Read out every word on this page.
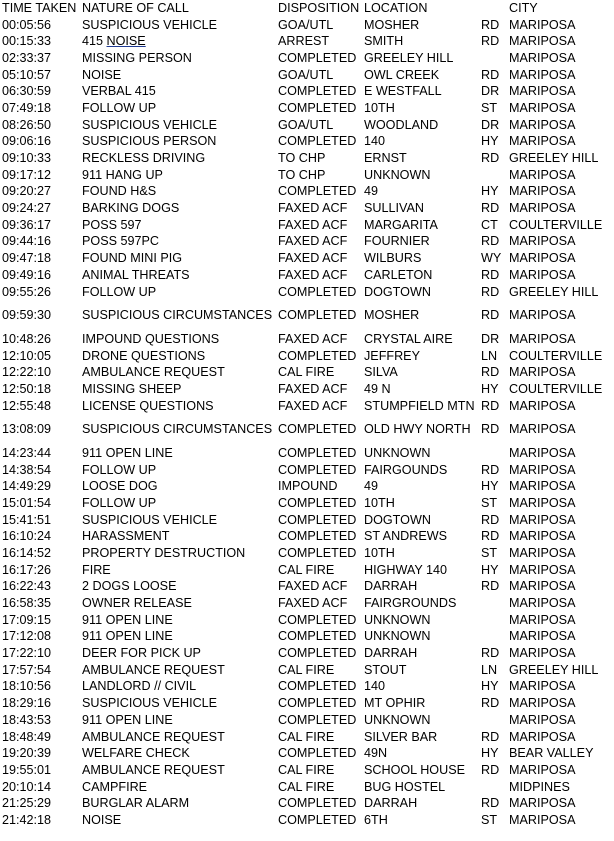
TIME TAKEN	NATURE OF CALL	DISPOSITION	LOCATION		CITY
00:05:56	SUSPICIOUS VEHICLE	GOA/UTL	MOSHER	RD	MARIPOSA
00:15:33	415 NOISE	ARREST	SMITH	RD	MARIPOSA
02:33:37	MISSING PERSON	COMPLETED	GREELEY HILL		MARIPOSA
05:10:57	NOISE	GOA/UTL	OWL CREEK	RD	MARIPOSA
06:30:59	VERBAL 415	COMPLETED	E WESTFALL	DR	MARIPOSA
07:49:18	FOLLOW UP	COMPLETED	10TH	ST	MARIPOSA
08:26:50	SUSPICIOUS VEHICLE	GOA/UTL	WOODLAND	DR	MARIPOSA
09:06:16	SUSPICIOUS PERSON	COMPLETED	140	HY	MARIPOSA
09:10:33	RECKLESS DRIVING	TO CHP	ERNST	RD	GREELEY HILL
09:17:12	911 HANG UP	TO CHP	UNKNOWN		MARIPOSA
09:20:27	FOUND H&S	COMPLETED	49	HY	MARIPOSA
09:24:27	BARKING DOGS	FAXED ACF	SULLIVAN	RD	MARIPOSA
09:36:17	POSS 597	FAXED ACF	MARGARITA	CT	COULTERVILLE
09:44:16	POSS 597PC	FAXED ACF	FOURNIER	RD	MARIPOSA
09:47:18	FOUND MINI PIG	FAXED ACF	WILBURS	WY	MARIPOSA
09:49:16	ANIMAL THREATS	FAXED ACF	CARLETON	RD	MARIPOSA
09:55:26	FOLLOW UP	COMPLETED	DOGTOWN	RD	GREELEY HILL
09:59:30	SUSPICIOUS CIRCUMSTANCES	COMPLETED	MOSHER	RD	MARIPOSA
10:48:26	IMPOUND QUESTIONS	FAXED ACF	CRYSTAL AIRE	DR	MARIPOSA
12:10:05	DRONE QUESTIONS	COMPLETED	JEFFREY	LN	COULTERVILLE
12:22:10	AMBULANCE REQUEST	CAL FIRE	SILVA	RD	MARIPOSA
12:50:18	MISSING SHEEP	FAXED ACF	49 N	HY	COULTERVILLE
12:55:48	LICENSE QUESTIONS	FAXED ACF	STUMPFIELD MTN	RD	MARIPOSA
13:08:09	SUSPICIOUS CIRCUMSTANCES	COMPLETED	OLD HWY NORTH	RD	MARIPOSA
14:23:44	911 OPEN LINE	COMPLETED	UNKNOWN		MARIPOSA
14:38:54	FOLLOW UP	COMPLETED	FAIRGOUNDS	RD	MARIPOSA
14:49:29	LOOSE DOG	IMPOUND	49	HY	MARIPOSA
15:01:54	FOLLOW UP	COMPLETED	10TH	ST	MARIPOSA
15:41:51	SUSPICIOUS VEHICLE	COMPLETED	DOGTOWN	RD	MARIPOSA
16:10:24	HARASSMENT	COMPLETED	ST ANDREWS	RD	MARIPOSA
16:14:52	PROPERTY DESTRUCTION	COMPLETED	10TH	ST	MARIPOSA
16:17:26	FIRE	CAL FIRE	HIGHWAY 140	HY	MARIPOSA
16:22:43	2 DOGS LOOSE	FAXED ACF	DARRAH	RD	MARIPOSA
16:58:35	OWNER RELEASE	FAXED ACF	FAIRGROUNDS		MARIPOSA
17:09:15	911 OPEN LINE	COMPLETED	UNKNOWN		MARIPOSA
17:12:08	911 OPEN LINE	COMPLETED	UNKNOWN		MARIPOSA
17:22:10	DEER FOR PICK UP	COMPLETED	DARRAH	RD	MARIPOSA
17:57:54	AMBULANCE REQUEST	CAL FIRE	STOUT	LN	GREELEY HILL
18:10:56	LANDLORD // CIVIL	COMPLETED	140	HY	MARIPOSA
18:29:16	SUSPICIOUS VEHICLE	COMPLETED	MT OPHIR	RD	MARIPOSA
18:43:53	911 OPEN LINE	COMPLETED	UNKNOWN		MARIPOSA
18:48:49	AMBULANCE REQUEST	CAL FIRE	SILVER BAR	RD	MARIPOSA
19:20:39	WELFARE CHECK	COMPLETED	49N	HY	BEAR VALLEY
19:55:01	AMBULANCE REQUEST	CAL FIRE	SCHOOL HOUSE	RD	MARIPOSA
20:10:14	CAMPFIRE	CAL FIRE	BUG HOSTEL		MIDPINES
21:25:29	BURGLAR ALARM	COMPLETED	DARRAH	RD	MARIPOSA
21:42:18	NOISE	COMPLETED	6TH	ST	MARIPOSA
